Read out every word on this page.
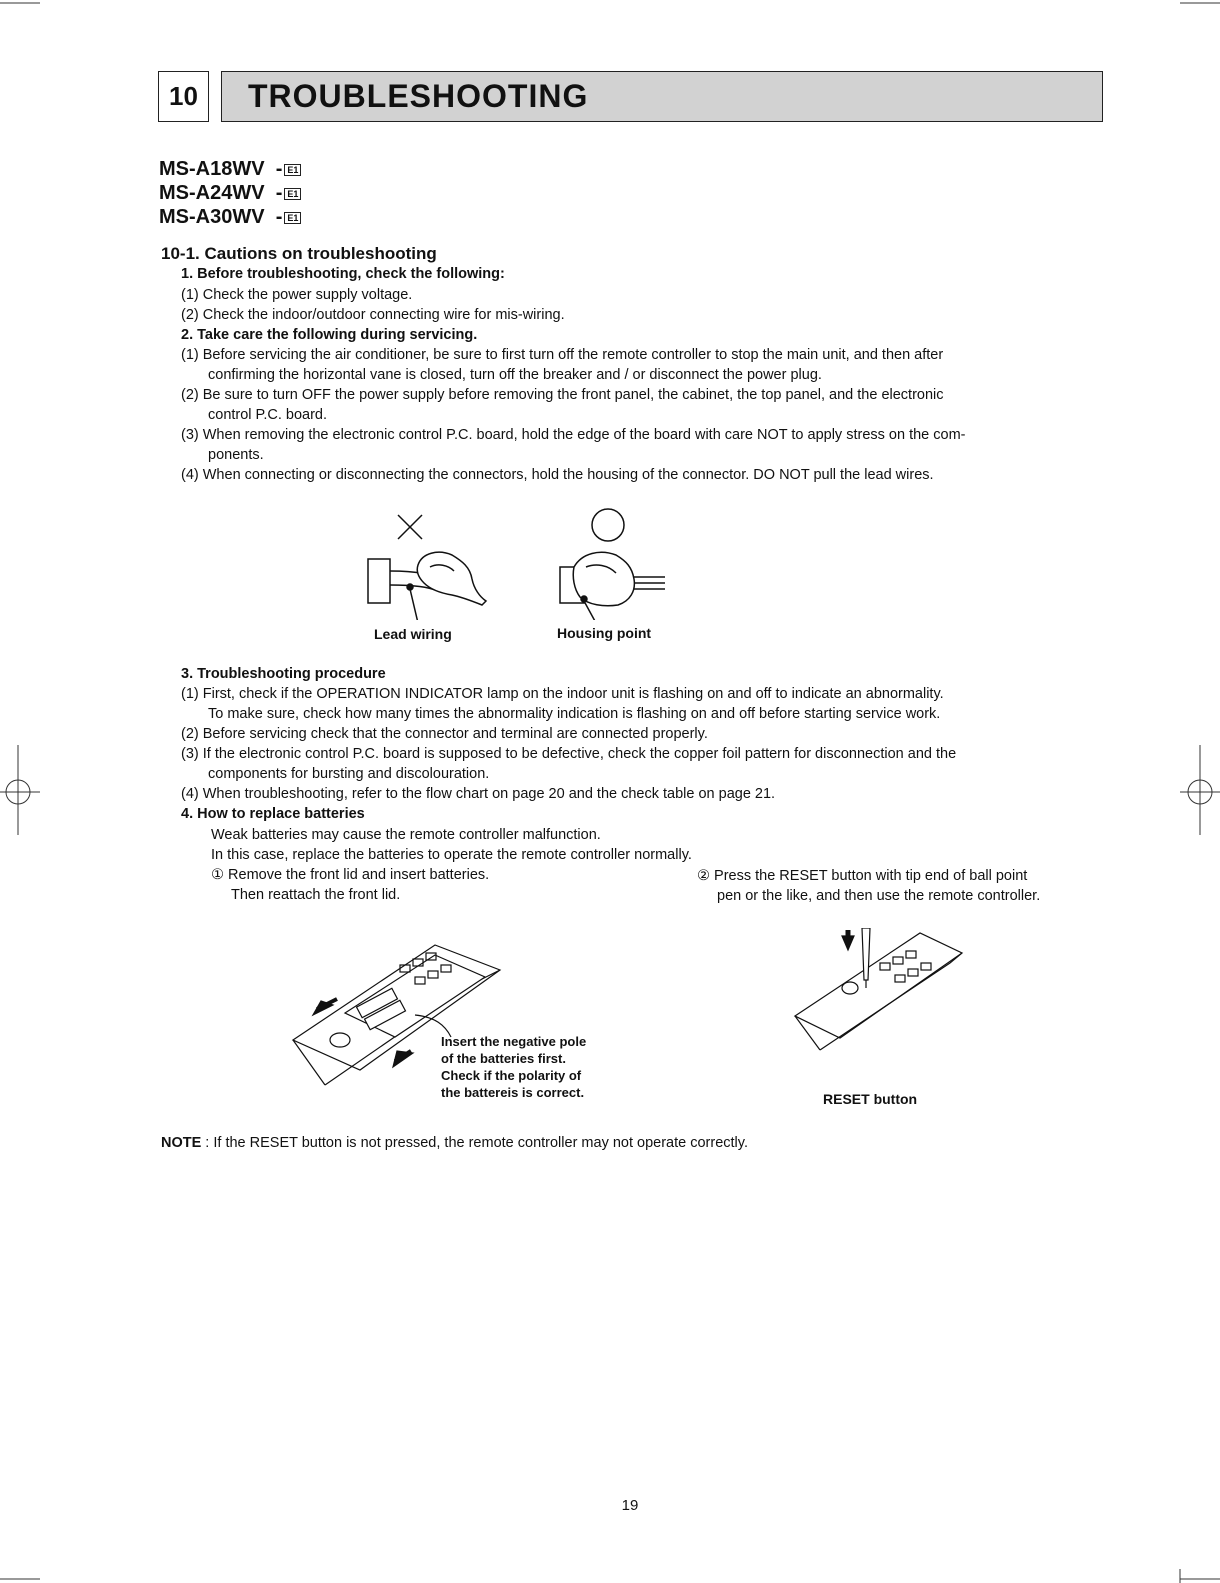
10	TROUBLESHOOTING
MS-A18WV  - E1
MS-A24WV  - E1
MS-A30WV  - E1
10-1. Cautions on troubleshooting
1. Before troubleshooting, check the following:
(1) Check the power supply voltage.
(2) Check the indoor/outdoor connecting wire for mis-wiring.
2. Take care the following during servicing.
(1) Before servicing the air conditioner, be sure to first turn off the remote controller to stop the main unit, and then after
confirming the horizontal vane is closed, turn off the breaker and / or disconnect the power plug.
(2) Be sure to turn OFF the power supply before removing the front panel, the cabinet, the top panel, and the electronic
control P.C. board.
(3) When removing the electronic control P.C. board, hold the edge of the board with care NOT to apply stress on the com-
ponents.
(4) When connecting or disconnecting the connectors, hold the housing of the connector. DO NOT pull the lead wires.
Lead wiring	Housing point
3. Troubleshooting procedure
(1) First, check if the OPERATION INDICATOR lamp on the indoor unit is flashing on and off to indicate an abnormality.
To make sure, check how many times the abnormality indication is flashing on and off before starting service work.
(2) Before servicing check that the connector and terminal are connected properly.
(3) If the electronic control P.C. board is supposed to be defective, check the copper foil pattern for disconnection and the
components for bursting and discolouration.
(4) When troubleshooting, refer to the flow chart on page 20 and the check table on page 21.
4. How to replace batteries
Weak batteries may cause the remote controller malfunction.
In this case, replace the batteries to operate the remote controller normally.
① Remove the front lid and insert batteries.
Then reattach the front lid.
② Press the RESET button with tip end of ball point
pen or the like, and then use the remote controller.
Insert the negative pole
of the batteries first.
Check if the polarity of
the battereis is correct.	RESET button
NOTE : If the RESET button is not pressed, the remote controller may not operate correctly.
19
